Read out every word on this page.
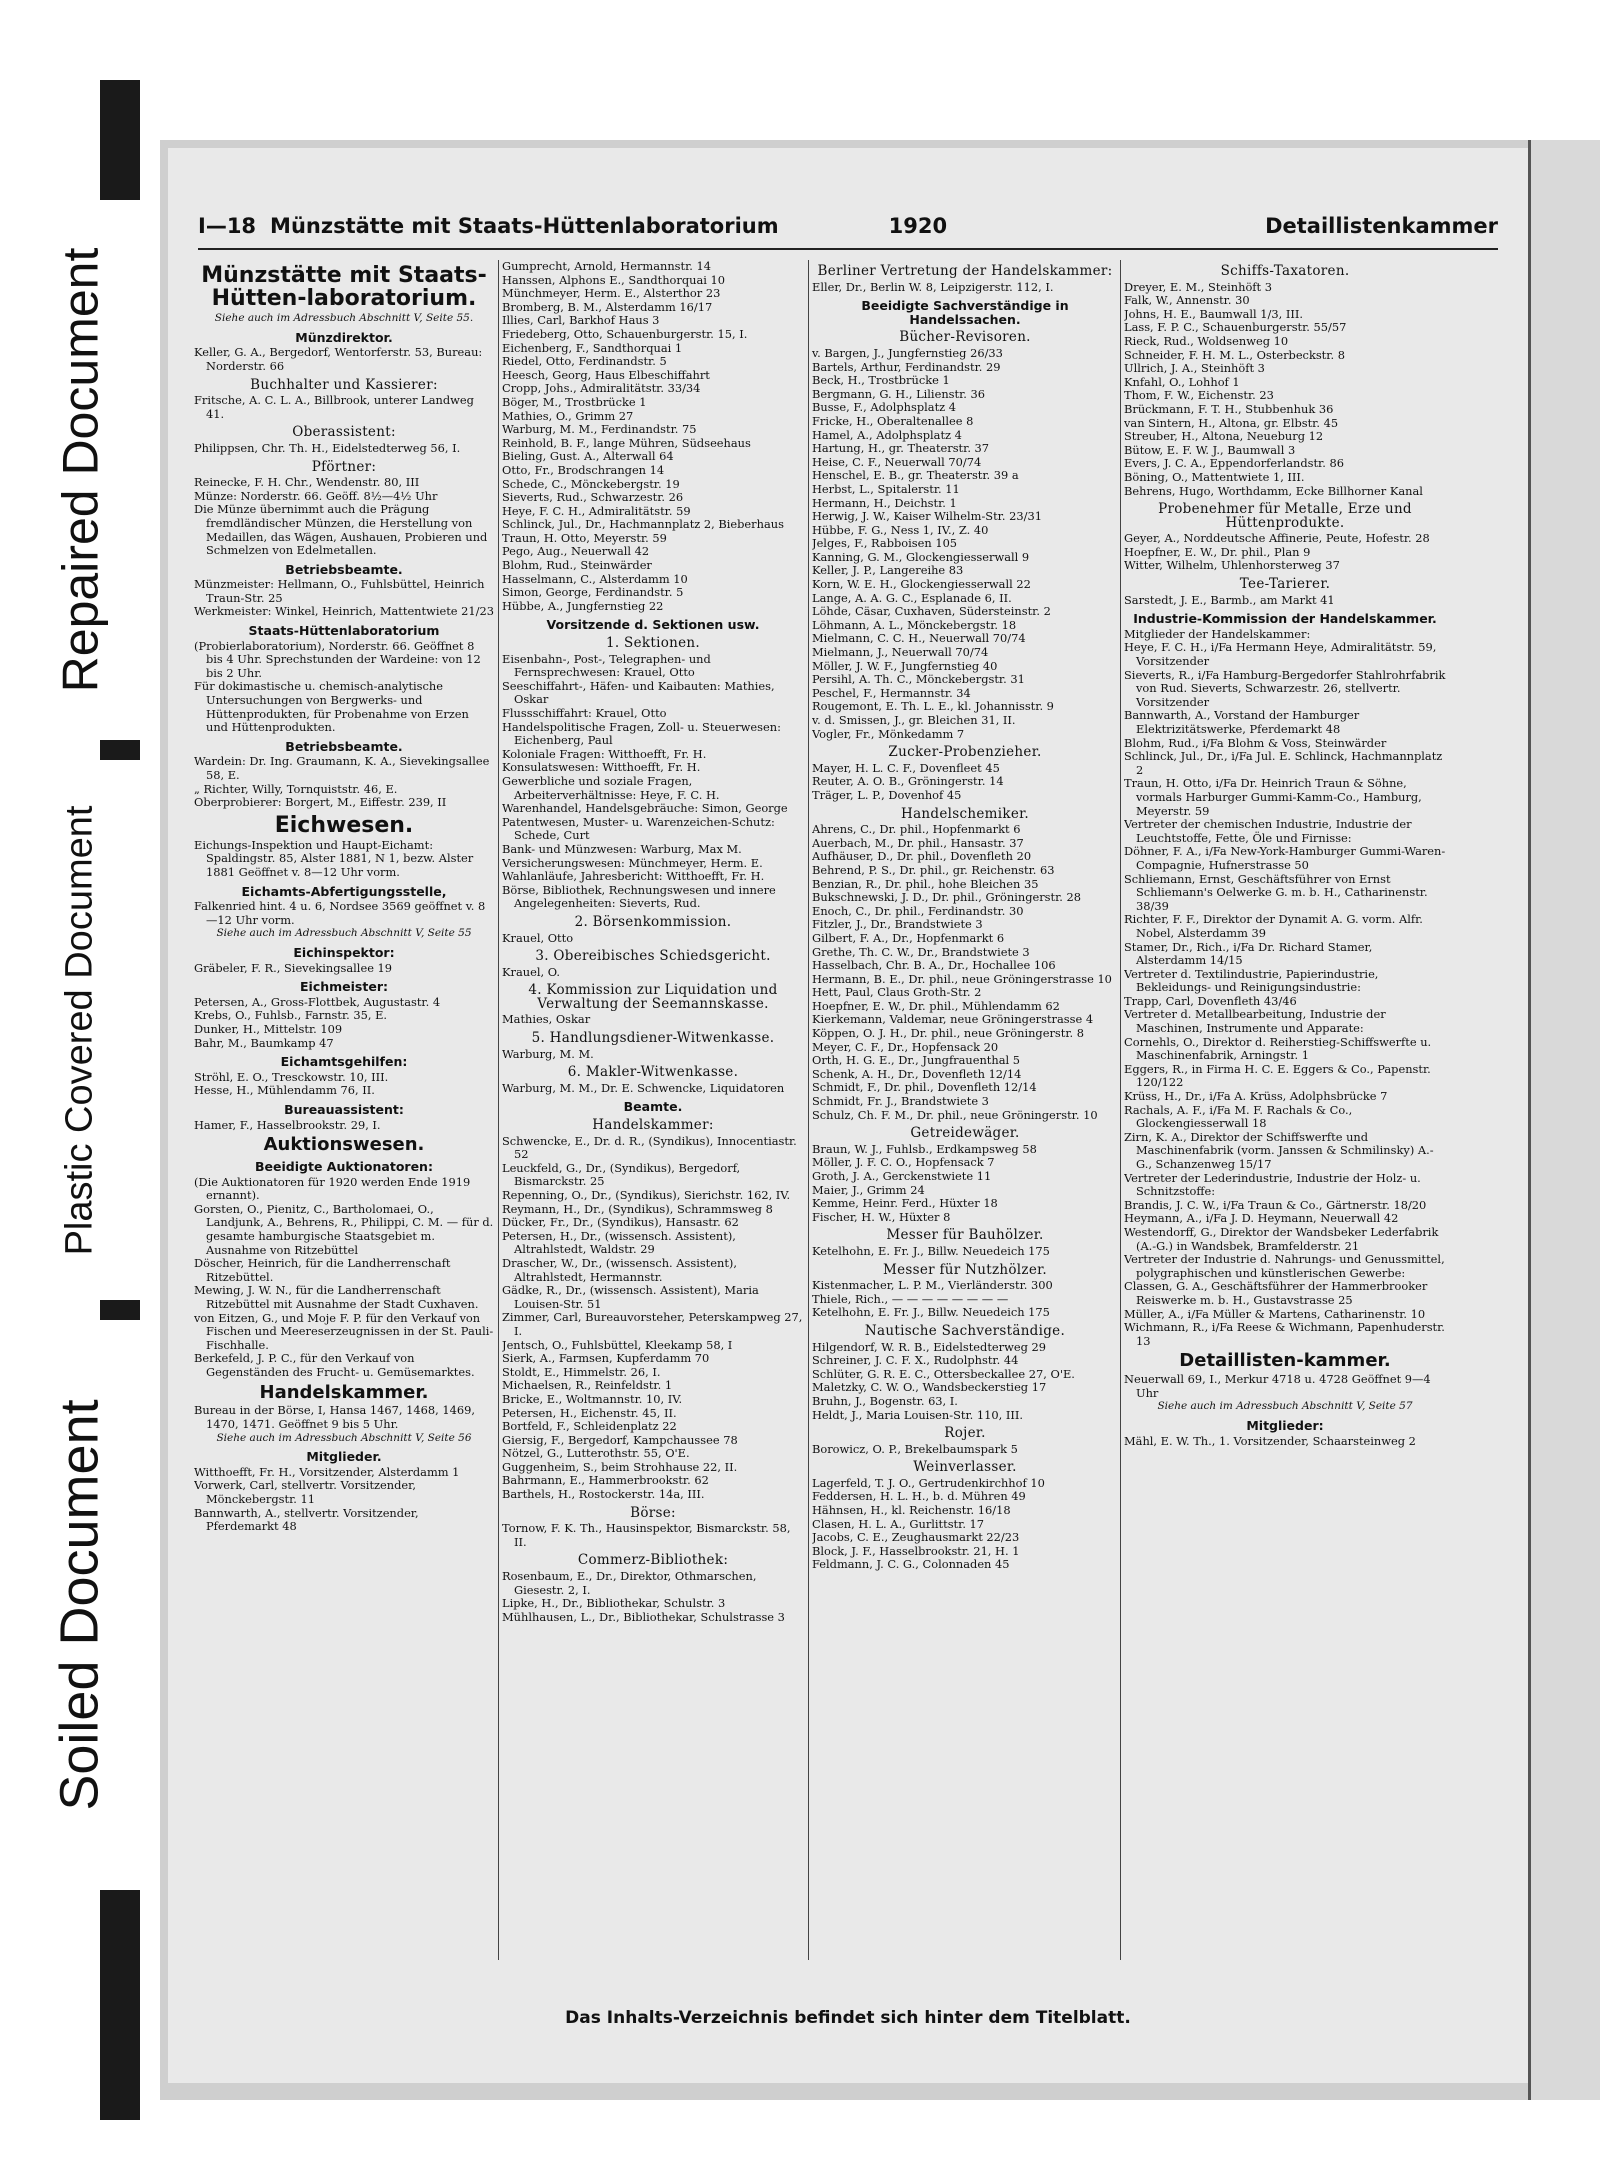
Soiled Document
Plastic Covered Document
Repaired Document
I—18 Münzstätte mit Staats-Hüttenlaboratorium	1920	Detaillistenkammer
Münzstätte mit Staats-Hütten-laboratorium.
Siehe auch im Adressbuch Abschnitt V, Seite 55.
Münzdirektor.

Keller, G. A., Bergedorf, Wentorferstr. 53, Bureau: Norderstr. 66

Buchhalter und Kassierer:

Fritsche, A. C. L. A., Billbrook, unterer Landweg 41.

Oberassistent:

Philippsen, Chr. Th. H., Eidelstedterweg 56, I.

Pförtner:

Reinecke, F. H. Chr., Wendenstr. 80, III

Münze: Norderstr. 66. Geöff. 8½—4½ Uhr

Die Münze übernimmt auch die Prägung fremdländischer Münzen, die Herstellung von Medaillen, das Wägen, Aushauen, Probieren und Schmelzen von Edelmetallen.

Betriebsbeamte.

Münzmeister: Hellmann, O., Fuhlsbüttel, Heinrich Traun-Str. 25

Werkmeister: Winkel, Heinrich, Mattentwiete 21/23

Staats-Hüttenlaboratorium

(Probierlaboratorium), Norderstr. 66. Geöffnet 8 bis 4 Uhr. Sprechstunden der Wardeine: von 12 bis 2 Uhr.

Für dokimastische u. chemisch-analytische Untersuchungen von Bergwerks- und Hüttenprodukten, für Probenahme von Erzen und Hüttenprodukten.

Betriebsbeamte.

Wardein: Dr. Ing. Graumann, K. A., Sievekingsallee 58, E.

„ Richter, Willy, Tornquiststr. 46, E.

Oberprobierer: Borgert, M., Eiffestr. 239, II

Eichwesen.

Eichungs-Inspektion und Haupt-Eichamt: Spaldingstr. 85, Alster 1881, N 1, bezw. Alster 1881 Geöffnet v. 8—12 Uhr vorm.

Eichamts-Abfertigungsstelle,

Falkenried hint. 4 u. 6, Nordsee 3569 geöffnet v. 8—12 Uhr vorm.

Siehe auch im Adressbuch Abschnitt V, Seite 55
Eichinspektor:

Gräbeler, F. R., Sievekingsallee 19

Eichmeister:

Petersen, A., Gross-Flottbek, Augustastr. 4

Krebs, O., Fuhlsb., Farnstr. 35, E.

Dunker, H., Mittelstr. 109

Bahr, M., Baumkamp 47

Eichamtsgehilfen:

Ströhl, E. O., Tresckowstr. 10, III.

Hesse, H., Mühlendamm 76, II.

Bureauassistent:

Hamer, F., Hasselbrookstr. 29, I.

Auktionswesen.
Beeidigte Auktionatoren:

(Die Auktionatoren für 1920 werden Ende 1919 ernannt).

Gorsten, O., Pienitz, C., Bartholomaei, O., Landjunk, A., Behrens, R., Philippi, C. M. — für d. gesamte hamburgische Staatsgebiet m. Ausnahme von Ritzebüttel

Döscher, Heinrich, für die Landherrenschaft Ritzebüttel.

Mewing, J. W. N., für die Landherrenschaft Ritzebüttel mit Ausnahme der Stadt Cuxhaven.

von Eitzen, G., und Moje F. P. für den Verkauf von Fischen und Meereserzeugnissen in der St. Pauli-Fischhalle.

Berkefeld, J. P. C., für den Verkauf von Gegenständen des Frucht- u. Gemüsemarktes.

Handelskammer.

Bureau in der Börse, I, Hansa 1467, 1468, 1469, 1470, 1471. Geöffnet 9 bis 5 Uhr.

Siehe auch im Adressbuch Abschnitt V, Seite 56
Mitglieder.

Witthoefft, Fr. H., Vorsitzender, Alsterdamm 1

Vorwerk, Carl, stellvertr. Vorsitzender, Mönckebergstr. 11

Bannwarth, A., stellvertr. Vorsitzender, Pferdemarkt 48

Gumprecht, Arnold, Hermannstr. 14

Hanssen, Alphons E., Sandthorquai 10

Münchmeyer, Herm. E., Alsterthor 23

Bromberg, B. M., Alsterdamm 16/17

Illies, Carl, Barkhof Haus 3

Friedeberg, Otto, Schauenburgerstr. 15, I.

Eichenberg, F., Sandthorquai 1

Riedel, Otto, Ferdinandstr. 5

Heesch, Georg, Haus Elbeschiffahrt

Cropp, Johs., Admiralitätstr. 33/34

Böger, M., Trostbrücke 1

Mathies, O., Grimm 27

Warburg, M. M., Ferdinandstr. 75

Reinhold, B. F., lange Mühren, Südseehaus

Bieling, Gust. A., Alterwall 64

Otto, Fr., Brodschrangen 14

Schede, C., Mönckebergstr. 19

Sieverts, Rud., Schwarzestr. 26

Heye, F. C. H., Admiralitätstr. 59

Schlinck, Jul., Dr., Hachmannplatz 2, Bieberhaus

Traun, H. Otto, Meyerstr. 59

Pego, Aug., Neuerwall 42

Blohm, Rud., Steinwärder

Hasselmann, C., Alsterdamm 10

Simon, George, Ferdinandstr. 5

Hübbe, A., Jungfernstieg 22

Vorsitzende d. Sektionen usw.
1. Sektionen.

Eisenbahn-, Post-, Telegraphen- und Fernsprechwesen: Krauel, Otto

Seeschiffahrt-, Häfen- und Kaibauten: Mathies, Oskar

Flussschiffahrt: Krauel, Otto

Handelspolitische Fragen, Zoll- u. Steuerwesen: Eichenberg, Paul

Koloniale Fragen: Witthoefft, Fr. H.

Konsulatswesen: Witthoefft, Fr. H.

Gewerbliche und soziale Fragen, Arbeiterverhältnisse: Heye, F. C. H.

Warenhandel, Handelsgebräuche: Simon, George

Patentwesen, Muster- u. Warenzeichen-Schutz: Schede, Curt

Bank- und Münzwesen: Warburg, Max M.

Versicherungswesen: Münchmeyer, Herm. E.

Wahlanläufe, Jahresbericht: Witthoefft, Fr. H.

Börse, Bibliothek, Rechnungswesen und innere Angelegenheiten: Sieverts, Rud.

2. Börsenkommission.

Krauel, Otto

3. Obereibisches Schiedsgericht.

Krauel, O.

4. Kommission zur Liquidation und Verwaltung der Seemannskasse.

Mathies, Oskar

5. Handlungsdiener-Witwenkasse.

Warburg, M. M.

6. Makler-Witwenkasse.

Warburg, M. M., Dr. E. Schwencke, Liquidatoren

Beamte.
Handelskammer:

Schwencke, E., Dr. d. R., (Syndikus), Innocentiastr. 52

Leuckfeld, G., Dr., (Syndikus), Bergedorf, Bismarckstr. 25

Repenning, O., Dr., (Syndikus), Sierichstr. 162, IV.

Reymann, H., Dr., (Syndikus), Schrammsweg 8

Dücker, Fr., Dr., (Syndikus), Hansastr. 62

Petersen, H., Dr., (wissensch. Assistent), Altrahlstedt, Waldstr. 29

Drascher, W., Dr., (wissensch. Assistent), Altrahlstedt, Hermannstr.

Gädke, R., Dr., (wissensch. Assistent), Maria Louisen-Str. 51

Zimmer, Carl, Bureauvorsteher, Peterskampweg 27, I.

Jentsch, O., Fuhlsbüttel, Kleekamp 58, I

Sierk, A., Farmsen, Kupferdamm 70

Stoldt, E., Himmelstr. 26, I.

Michaelsen, R., Reinfeldstr. 1

Bricke, E., Woltmannstr. 10, IV.

Petersen, H., Eichenstr. 45, II.

Bortfeld, F., Schleidenplatz 22

Giersig, F., Bergedorf, Kampchaussee 78

Nötzel, G., Lutterothstr. 55, O'E.

Guggenheim, S., beim Strohhause 22, II.

Bahrmann, E., Hammerbrookstr. 62

Barthels, H., Rostockerstr. 14a, III.

Börse:

Tornow, F. K. Th., Hausinspektor, Bismarckstr. 58, II.

Commerz-Bibliothek:

Rosenbaum, E., Dr., Direktor, Othmarschen, Giesestr. 2, I.

Lipke, H., Dr., Bibliothekar, Schulstr. 3

Mühlhausen, L., Dr., Bibliothekar, Schulstrasse 3

Berliner Vertretung der Handelskammer:

Eller, Dr., Berlin W. 8, Leipzigerstr. 112, I.

Beeidigte Sachverständige in Handelssachen.
Bücher-Revisoren.

v. Bargen, J., Jungfernstieg 26/33

Bartels, Arthur, Ferdinandstr. 29

Beck, H., Trostbrücke 1

Bergmann, G. H., Lilienstr. 36

Busse, F., Adolphsplatz 4

Fricke, H., Oberaltenallee 8

Hamel, A., Adolphsplatz 4

Hartung, H., gr. Theaterstr. 37

Heise, C. F., Neuerwall 70/74

Henschel, E. B., gr. Theaterstr. 39 a

Herbst, L., Spitalerstr. 11

Hermann, H., Deichstr. 1

Herwig, J. W., Kaiser Wilhelm-Str. 23/31

Hübbe, F. G., Ness 1, IV., Z. 40

Jelges, F., Rabboisen 105

Kanning, G. M., Glockengiesserwall 9

Keller, J. P., Langereihe 83

Korn, W. E. H., Glockengiesserwall 22

Lange, A. A. G. C., Esplanade 6, II.

Löhde, Cäsar, Cuxhaven, Südersteinstr. 2

Löhmann, A. L., Mönckebergstr. 18

Mielmann, C. C. H., Neuerwall 70/74

Mielmann, J., Neuerwall 70/74

Möller, J. W. F., Jungfernstieg 40

Persihl, A. Th. C., Mönckebergstr. 31

Peschel, F., Hermannstr. 34

Rougemont, E. Th. L. E., kl. Johannisstr. 9

v. d. Smissen, J., gr. Bleichen 31, II.

Vogler, Fr., Mönkedamm 7

Zucker-Probenzieher.

Mayer, H. L. C. F., Dovenfleet 45

Reuter, A. O. B., Gröningerstr. 14

Träger, L. P., Dovenhof 45

Handelschemiker.

Ahrens, C., Dr. phil., Hopfenmarkt 6

Auerbach, M., Dr. phil., Hansastr. 37

Aufhäuser, D., Dr. phil., Dovenfleth 20

Behrend, P. S., Dr. phil., gr. Reichenstr. 63

Benzian, R., Dr. phil., hohe Bleichen 35

Bukschnewski, J. D., Dr. phil., Gröningerstr. 28

Enoch, C., Dr. phil., Ferdinandstr. 30

Fitzler, J., Dr., Brandstwiete 3

Gilbert, F. A., Dr., Hopfenmarkt 6

Grethe, Th. C. W., Dr., Brandstwiete 3

Hasselbach, Chr. B. A., Dr., Hochallee 106

Hermann, B. E., Dr. phil., neue Gröningerstrasse 10

Hett, Paul, Claus Groth-Str. 2

Hoepfner, E. W., Dr. phil., Mühlendamm 62

Kierkemann, Valdemar, neue Gröningerstrasse 4

Köppen, O. J. H., Dr. phil., neue Gröningerstr. 8

Meyer, C. F., Dr., Hopfensack 20

Orth, H. G. E., Dr., Jungfrauenthal 5

Schenk, A. H., Dr., Dovenfleth 12/14

Schmidt, F., Dr. phil., Dovenfleth 12/14

Schmidt, Fr. J., Brandstwiete 3

Schulz, Ch. F. M., Dr. phil., neue Gröningerstr. 10

Getreidewäger.

Braun, W. J., Fuhlsb., Erdkampsweg 58

Möller, J. F. C. O., Hopfensack 7

Groth, J. A., Gerckenstwiete 11

Maier, J., Grimm 24

Kemme, Heinr. Ferd., Hüxter 18

Fischer, H. W., Hüxter 8

Messer für Bauhölzer.

Ketelhohn, E. Fr. J., Billw. Neuedeich 175

Messer für Nutzhölzer.

Kistenmacher, L. P. M., Vierländerstr. 300

Thiele, Rich., — — — — — — — —

Ketelhohn, E. Fr. J., Billw. Neuedeich 175

Nautische Sachverständige.

Hilgendorf, W. R. B., Eidelstedterweg 29

Schreiner, J. C. F. X., Rudolphstr. 44

Schlüter, G. R. E. C., Ottersbeckallee 27, O'E.

Maletzky, C. W. O., Wandsbeckerstieg 17

Bruhn, J., Bogenstr. 63, I.

Heldt, J., Maria Louisen-Str. 110, III.

Rojer.

Borowicz, O. P., Brekelbaumspark 5

Weinverlasser.

Lagerfeld, T. J. O., Gertrudenkirchhof 10

Feddersen, H. L. H., b. d. Mühren 49

Hähnsen, H., kl. Reichenstr. 16/18

Clasen, H. L. A., Gurlittstr. 17

Jacobs, C. E., Zeughausmarkt 22/23

Block, J. F., Hasselbrookstr. 21, H. 1

Feldmann, J. C. G., Colonnaden 45

Schiffs-Taxatoren.

Dreyer, E. M., Steinhöft 3

Falk, W., Annenstr. 30

Johns, H. E., Baumwall 1/3, III.

Lass, F. P. C., Schauenburgerstr. 55/57

Rieck, Rud., Woldsenweg 10

Schneider, F. H. M. L., Osterbeckstr. 8

Ullrich, J. A., Steinhöft 3

Knfahl, O., Lohhof 1

Thom, F. W., Eichenstr. 23

Brückmann, F. T. H., Stubbenhuk 36

van Sintern, H., Altona, gr. Elbstr. 45

Streuber, H., Altona, Neueburg 12

Bütow, E. F. W. J., Baumwall 3

Evers, J. C. A., Eppendorferlandstr. 86

Böning, O., Mattentwiete 1, III.

Behrens, Hugo, Worthdamm, Ecke Billhorner Kanal

Probenehmer für Metalle, Erze und Hüttenprodukte.

Geyer, A., Norddeutsche Affinerie, Peute, Hofestr. 28

Hoepfner, E. W., Dr. phil., Plan 9

Witter, Wilhelm, Uhlenhorsterweg 37

Tee-Tarierer.

Sarstedt, J. E., Barmb., am Markt 41

Industrie-Kommission der Handelskammer.

Mitglieder der Handelskammer:

Heye, F. C. H., i/Fa Hermann Heye, Admiralitätstr. 59, Vorsitzender

Sieverts, R., i/Fa Hamburg-Bergedorfer Stahlrohrfabrik von Rud. Sieverts, Schwarzestr. 26, stellvertr. Vorsitzender

Bannwarth, A., Vorstand der Hamburger Elektrizitätswerke, Pferdemarkt 48

Blohm, Rud., i/Fa Blohm & Voss, Steinwärder

Schlinck, Jul., Dr., i/Fa Jul. E. Schlinck, Hachmannplatz 2

Traun, H. Otto, i/Fa Dr. Heinrich Traun & Söhne, vormals Harburger Gummi-Kamm-Co., Hamburg, Meyerstr. 59

Vertreter der chemischen Industrie, Industrie der Leuchtstoffe, Fette, Öle und Firnisse:

Döhner, F. A., i/Fa New-York-Hamburger Gummi-Waren-Compagnie, Hufnerstrasse 50

Schliemann, Ernst, Geschäftsführer von Ernst Schliemann's Oelwerke G. m. b. H., Catharinenstr. 38/39

Richter, F. F., Direktor der Dynamit A. G. vorm. Alfr. Nobel, Alsterdamm 39

Stamer, Dr., Rich., i/Fa Dr. Richard Stamer, Alsterdamm 14/15

Vertreter d. Textilindustrie, Papierindustrie, Bekleidungs- und Reinigungsindustrie:

Trapp, Carl, Dovenfleth 43/46

Vertreter d. Metallbearbeitung, Industrie der Maschinen, Instrumente und Apparate:

Cornehls, O., Direktor d. Reiherstieg-Schiffswerfte u. Maschinenfabrik, Arningstr. 1

Eggers, R., in Firma H. C. E. Eggers & Co., Papenstr. 120/122

Krüss, H., Dr., i/Fa A. Krüss, Adolphsbrücke 7

Rachals, A. F., i/Fa M. F. Rachals & Co., Glockengiesserwall 18

Zirn, K. A., Direktor der Schiffswerfte und Maschinenfabrik (vorm. Janssen & Schmilinsky) A.-G., Schanzenweg 15/17

Vertreter der Lederindustrie, Industrie der Holz- u. Schnitzstoffe:

Brandis, J. C. W., i/Fa Traun & Co., Gärtnerstr. 18/20

Heymann, A., i/Fa J. D. Heymann, Neuerwall 42

Westendorff, G., Direktor der Wandsbeker Lederfabrik (A.-G.) in Wandsbek, Bramfelderstr. 21

Vertreter der Industrie d. Nahrungs- und Genussmittel, polygraphischen und künstlerischen Gewerbe:

Classen, G. A., Geschäftsführer der Hammerbrooker Reiswerke m. b. H., Gustavstrasse 25

Müller, A., i/Fa Müller & Martens, Catharinenstr. 10

Wichmann, R., i/Fa Reese & Wichmann, Papenhuderstr. 13

Detaillisten-kammer.

Neuerwall 69, I., Merkur 4718 u. 4728 Geöffnet 9—4 Uhr

Siehe auch im Adressbuch Abschnitt V, Seite 57
Mitglieder:

Mähl, E. W. Th., 1. Vorsitzender, Schaarsteinweg 2

Das Inhalts-Verzeichnis befindet sich hinter dem Titelblatt.
